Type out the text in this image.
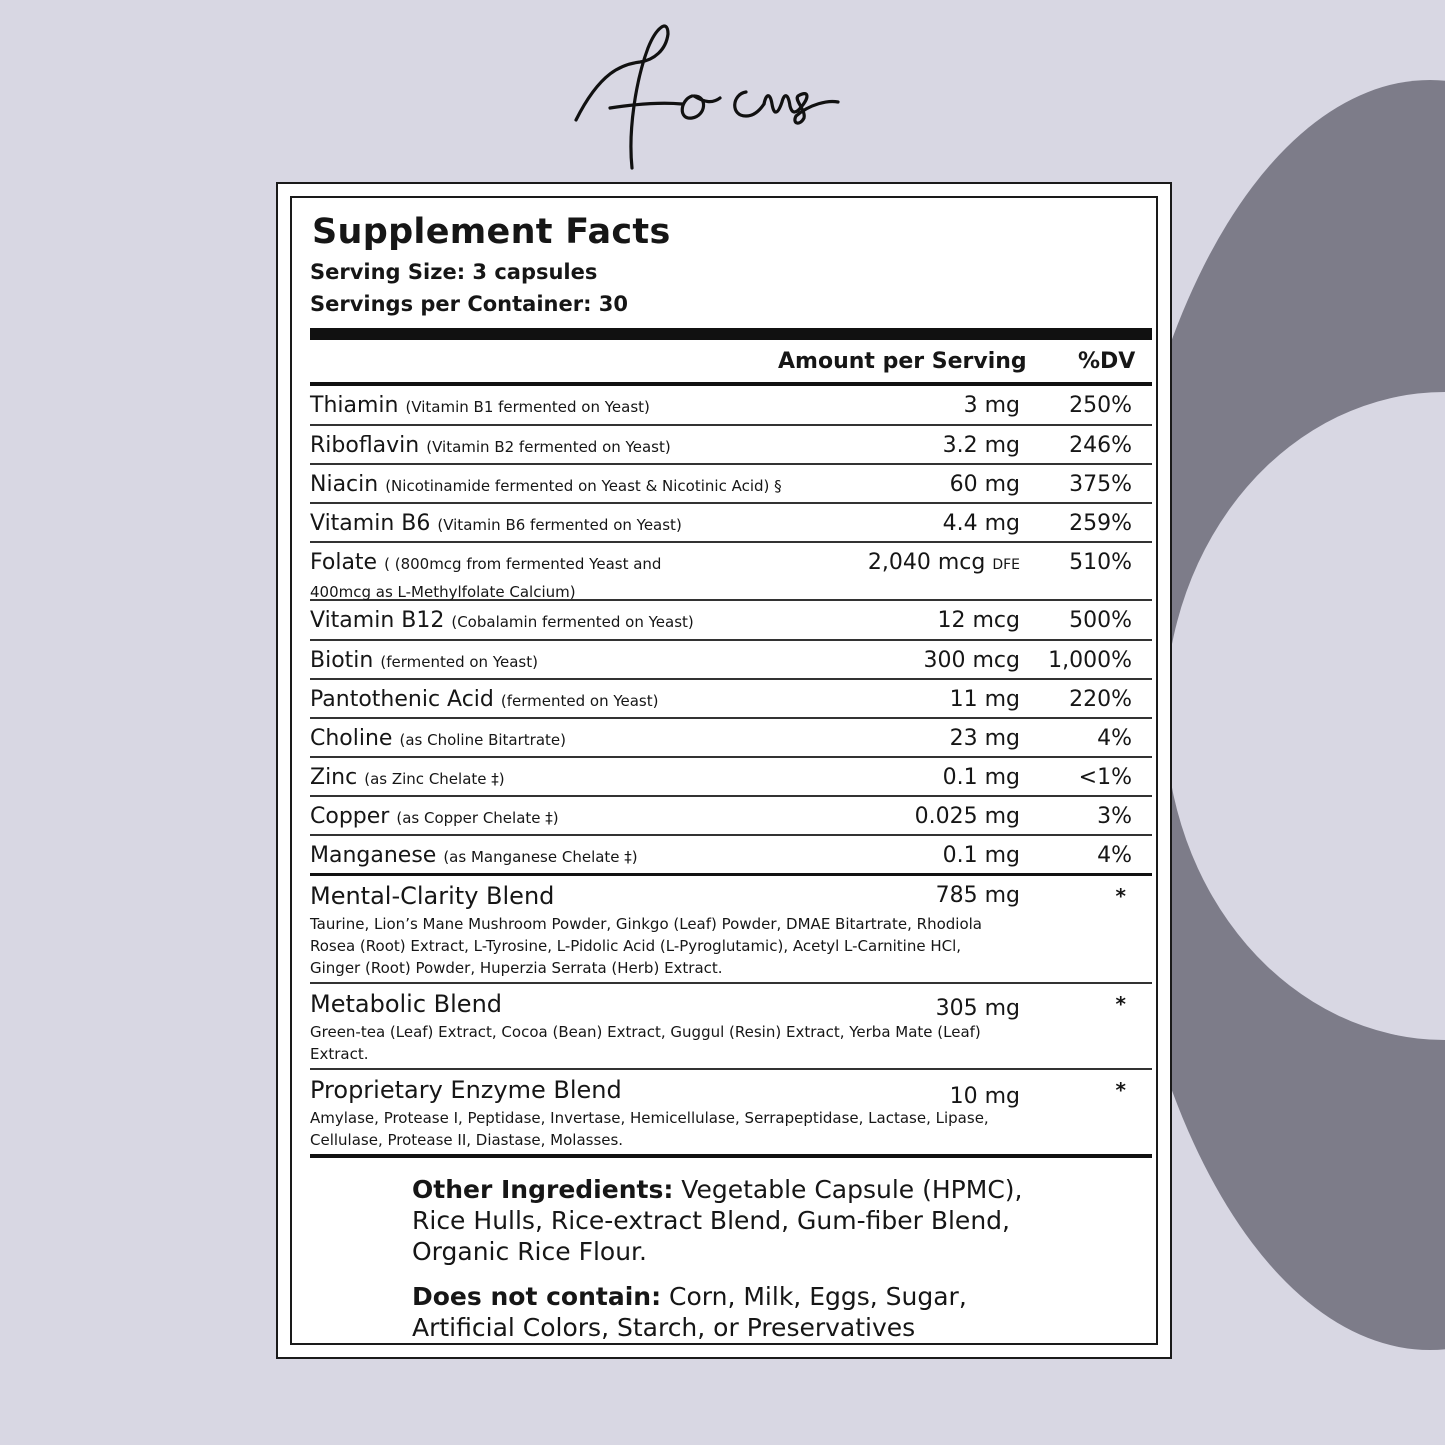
Supplement Facts
Serving Size: 3 capsules
Servings per Container: 30
Amount per Serving %DV
Thiamin (Vitamin B1 fermented on Yeast)	3 mg 250%
Riboflavin (Vitamin B2 fermented on Yeast)	3.2 mg 246%
Niacin (Nicotinamide fermented on Yeast & Nicotinic Acid) §	60 mg 375%
Vitamin B6 (Vitamin B6 fermented on Yeast)	4.4 mg 259%
Folate ( (800mcg from fermented Yeast and
400mcg as L-Methylfolate Calcium)
2,040 mcg DFE 510%
Vitamin B12 (Cobalamin fermented on Yeast)	12 mcg 500%
Biotin (fermented on Yeast)	300 mcg 1,000%
Pantothenic Acid (fermented on Yeast)	11 mg 220%
Choline (as Choline Bitartrate)	23 mg	4%
Zinc (as Zinc Chelate ‡)	0.1 mg	<1%
Copper (as Copper Chelate ‡)	0.025 mg	3%
Manganese (as Manganese Chelate ‡)	0.1 mg	4%
Mental-Clarity Blend
Taurine, Lion’s Mane Mushroom Powder, Ginkgo (Leaf) Powder, DMAE Bitartrate, Rhodiola Rosea (Root) Extract, L-Tyrosine, L-Pidolic Acid (L-Pyroglutamic), Acetyl L-Carnitine HCl, Ginger (Root) Powder, Huperzia Serrata (Herb) Extract.
785 mg	*
Metabolic Blend
Green-tea (Leaf) Extract, Cocoa (Bean) Extract, Guggul (Resin) Extract, Yerba Mate (Leaf) Extract.
305 mg	*
Proprietary Enzyme Blend
Amylase, Protease I, Peptidase, Invertase, Hemicellulase, Serrapeptidase, Lactase, Lipase, Cellulase, Protease II, Diastase, Molasses.
10 mg	*
Other Ingredients: Vegetable Capsule (HPMC), Rice Hulls, Rice-extract Blend, Gum-fiber Blend, Organic Rice Flour.
Does not contain: Corn, Milk, Eggs, Sugar, Artificial Colors, Starch, or Preservatives
